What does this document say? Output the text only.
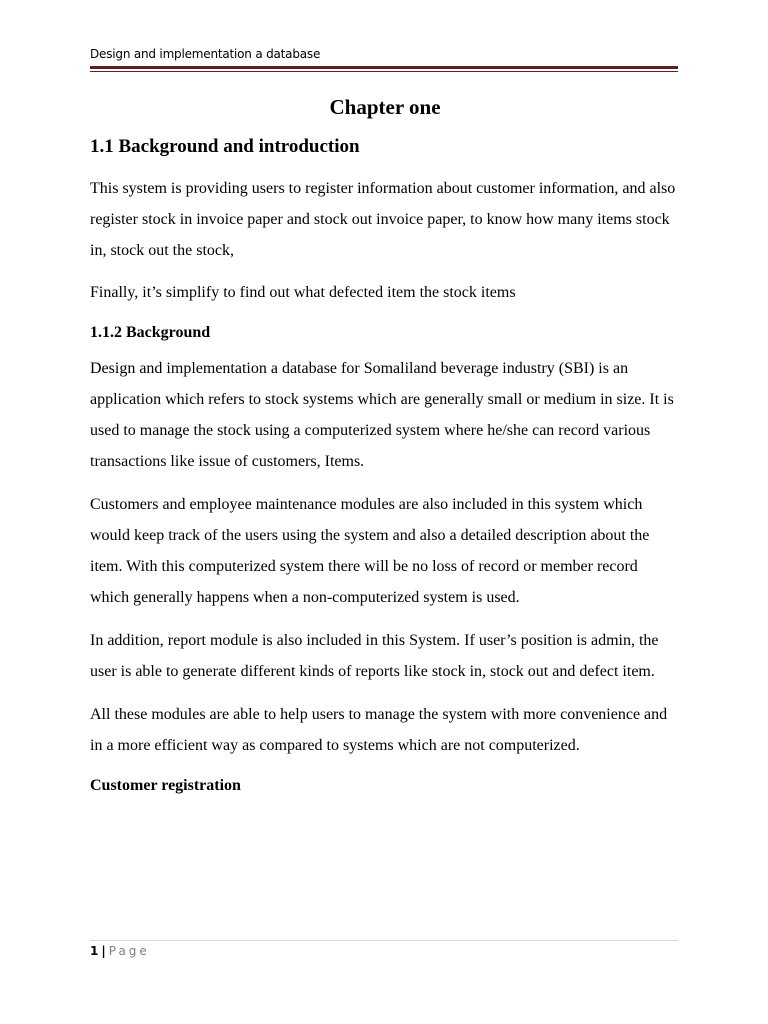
Design and implementation a database
Chapter one
1.1 Background and introduction

This system is providing users to register information about customer information, and also register stock in invoice paper and stock out invoice paper, to know how many items stock in, stock out the stock,

Finally, it’s simplify to find out what defected item the stock items

1.1.2 Background

Design and implementation a database for Somaliland beverage industry (SBI) is an application which refers to stock systems which are generally small or medium in size. It is used to manage the stock using a computerized system where he/she can record various transactions like issue of customers, Items.

Customers and employee maintenance modules are also included in this system which would keep track of the users using the system and also a detailed description about the item. With this computerized system there will be no loss of record or member record which generally happens when a non-computerized system is used.

In addition, report module is also included in this System. If user’s position is admin, the user is able to generate different kinds of reports like stock in, stock out and defect item.

All these modules are able to help users to manage the system with more convenience and in a more efficient way as compared to systems which are not computerized.

Customer registration
1 | Page
